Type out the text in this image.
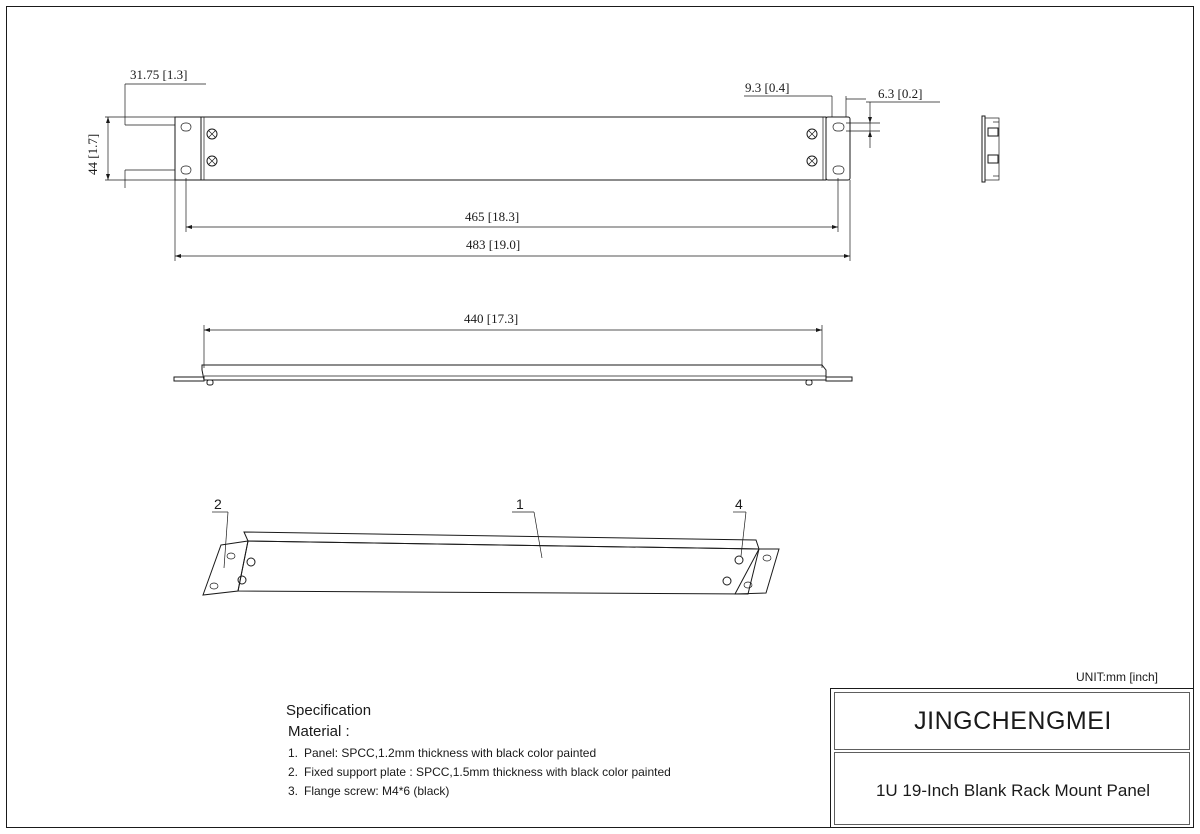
31.75 [1.3]
44 [1.7]
9.3 [0.4]	6.3 [0.2]
465 [18.3]
483 [19.0]
440 [17.3]
2	1	4
UNIT:mm [inch]
Specification
Material :
1. Panel: SPCC,1.2mm thickness with black color painted
2. Fixed support plate : SPCC,1.5mm thickness with black color painted
3. Flange screw: M4*6 (black)
JINGCHENGMEI
1U 19-Inch Blank Rack Mount Panel
